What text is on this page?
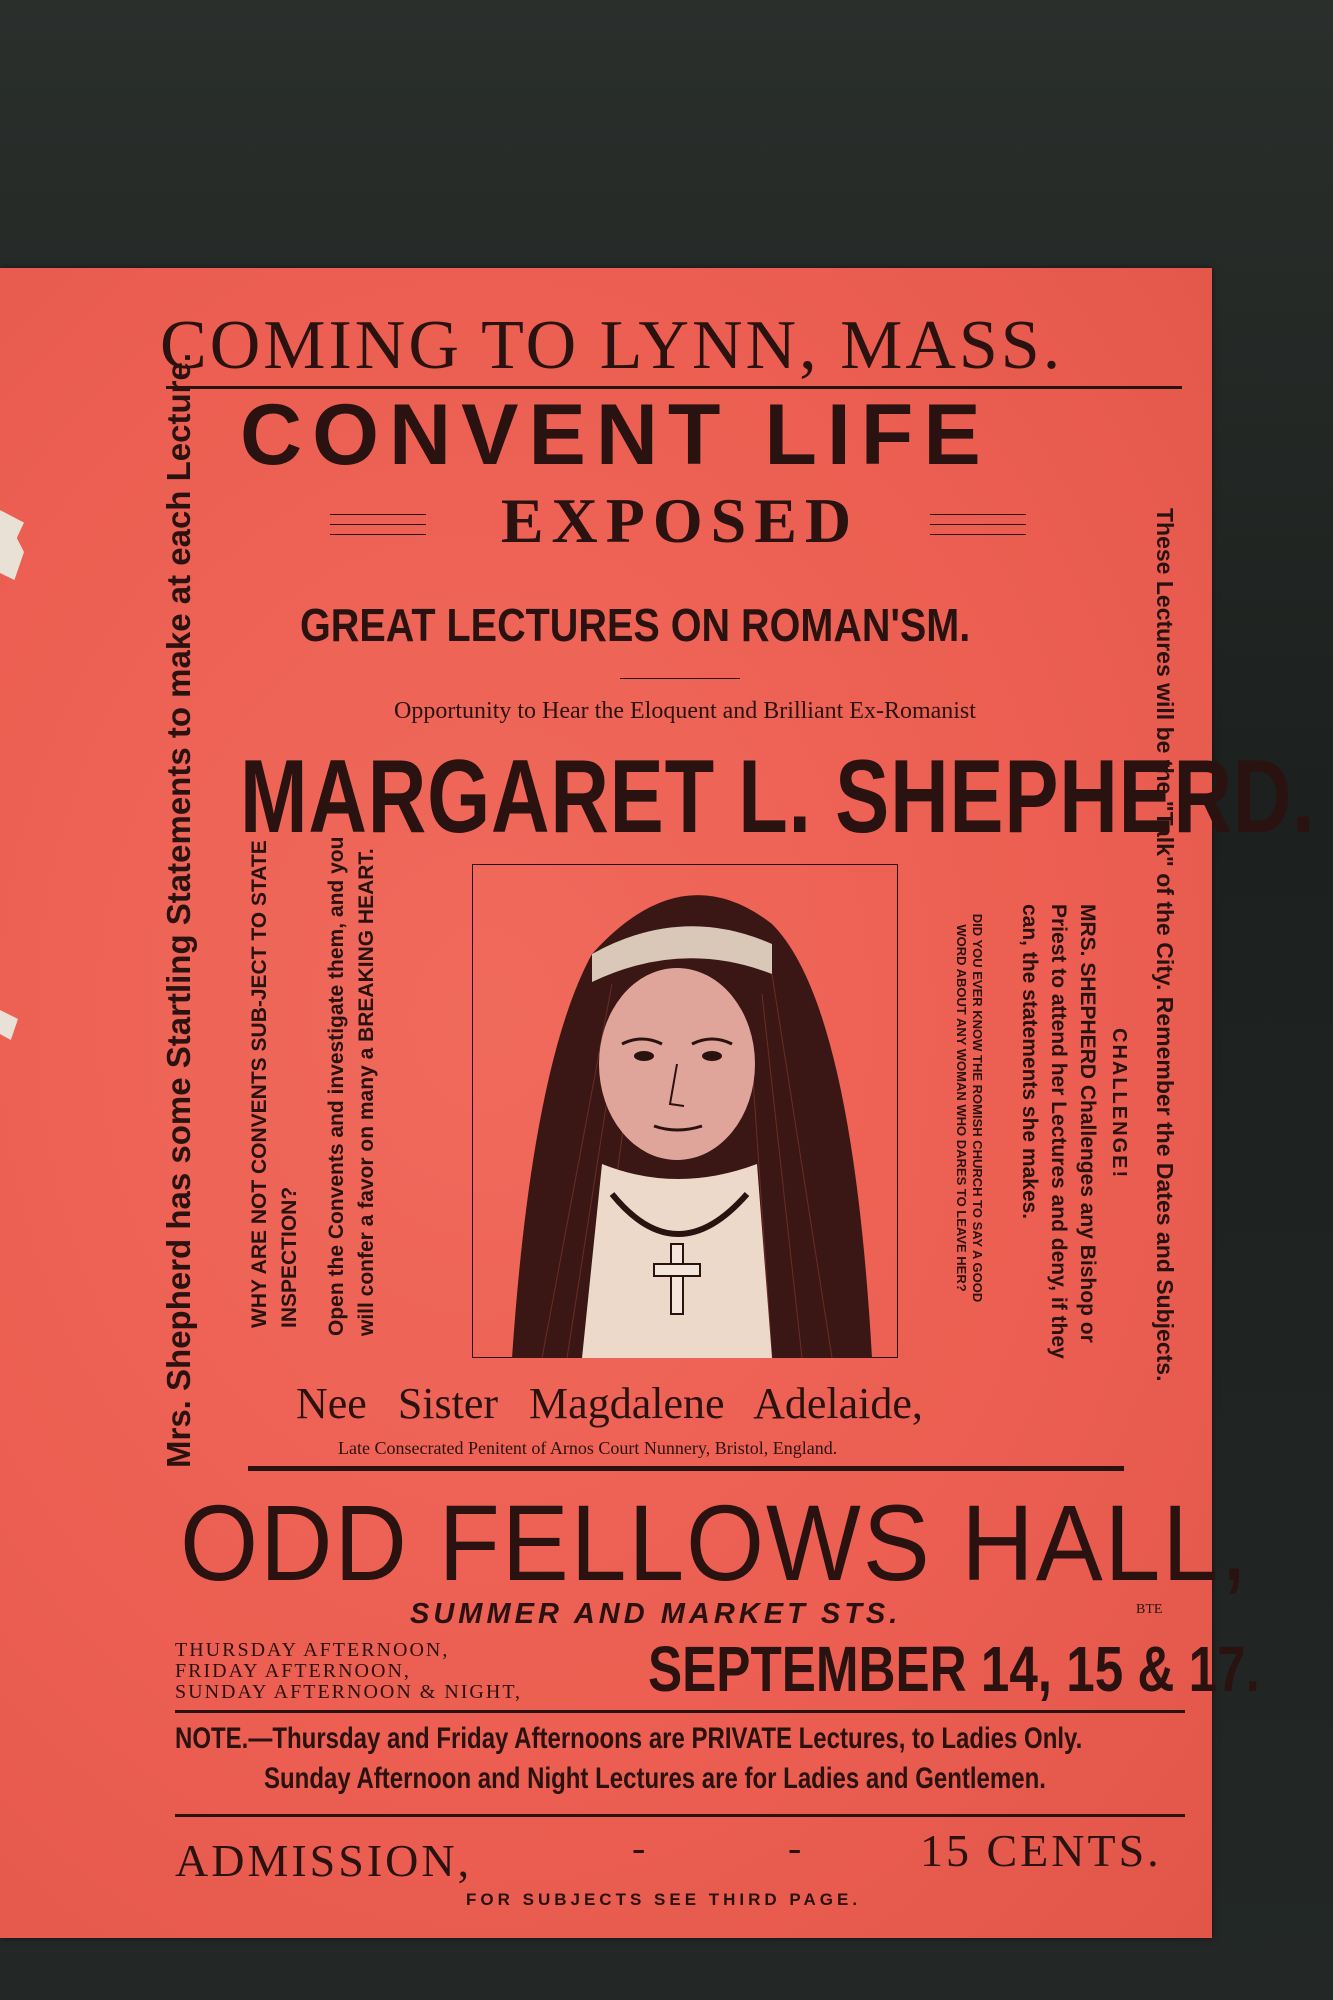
COMING TO LYNN, MASS.
CONVENT LIFE
EXPOSED
GREAT LECTURES ON ROMAN'SM.
Opportunity to Hear the Eloquent and Brilliant Ex-Romanist
MARGARET L. SHEPHERD.
Mrs. Shepherd has some Startling Statements to make at each Lecture. WHY ARE NOT CONVENTS SUB-JECT TO STATE INSPECTION? Open the Convents and investigate them, and you will confer a favor on many a BREAKING HEART.	These Lectures will be the "Talk" of the City. Remember the Dates and Subjects.
CHALLENGE!
MRS. SHEPHERD Challenges any Bishop or Priest to attend her Lectures and deny, if they can, the statements she makes.
DID YOU EVER KNOW THE ROMISH CHURCH TO SAY A GOOD WORD ABOUT ANY WOMAN WHO DARES TO LEAVE HER?
Nee Sister Magdalene Adelaide,
Late Consecrated Penitent of Arnos Court Nunnery, Bristol, England.
ODD FELLOWS HALL,
SUMMER AND MARKET STS.	BTE
THURSDAY AFTERNOON,
FRIDAY AFTERNOON,
SUNDAY AFTERNOON & NIGHT,	SEPTEMBER 14, 15 & 17.
NOTE.—Thursday and Friday Afternoons are PRIVATE Lectures, to Ladies Only.
Sunday Afternoon and Night Lectures are for Ladies and Gentlemen.
ADMISSION,	-	-	15 CENTS.
FOR SUBJECTS SEE THIRD PAGE.
